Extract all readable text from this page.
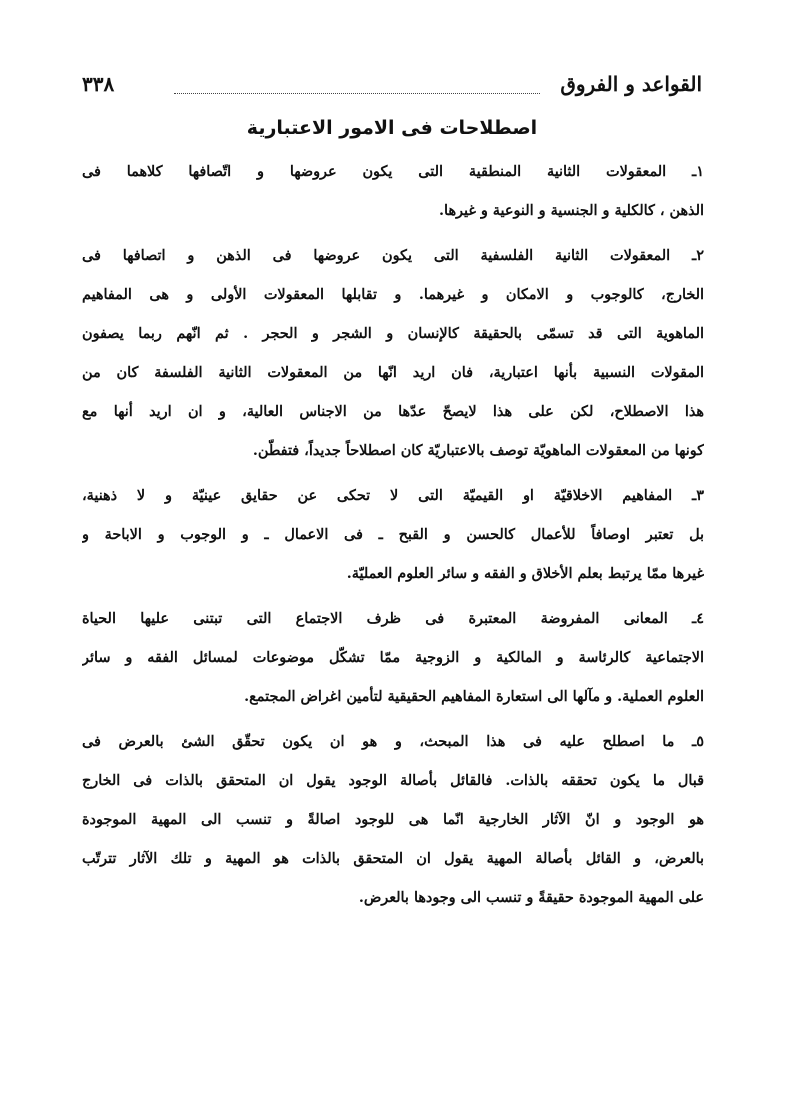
القواعد و الفروق
٣٣٨
اصطلاحات فى الامور الاعتبارية
١ـ المعقولات الثانية المنطقية التى يكون عروضها و اتّصافها كلاهما فى
الذهن ، كالكلية و الجنسية و النوعية و غيرها.
٢ـ المعقولات الثانية الفلسفية التى يكون عروضها فى الذهن و اتصافها فى
الخارج، كالوجوب و الامكان و غيرهما. و تقابلها المعقولات الأولى و هى المفاهيم
الماهوية التى قد تسمّى بالحقيقة كالإنسان و الشجر و الحجر . ثم انّهم ربما يصفون
المقولات النسبية بأنها اعتبارية، فان اريد انّها من المعقولات الثانية الفلسفة كان من
هذا الاصطلاح، لكن على هذا لايصحّ عدّها من الاجناس العالية، و ان اريد أنها مع
كونها من المعقولات الماهويّة توصف بالاعتباريّة كان اصطلاحاً جديداً، فتفطّن.
٣ـ المفاهيم الاخلاقيّة او القيميّة التى لا تحكى عن حقايق عينيّة و لا ذهنية،
بل تعتبر اوصافاً للأعمال كالحسن و القبح ـ فى الاعمال ـ و الوجوب و الاباحة و
غيرها ممّا يرتبط بعلم الأخلاق و الفقه و سائر العلوم العمليّة.
٤ـ المعانى المفروضة المعتبرة فى ظرف الاجتماع التى تبتنى عليها الحياة
الاجتماعية كالرئاسة و المالكية و الزوجية ممّا تشكّل موضوعات لمسائل الفقه و سائر
العلوم العملية. و مآلها الى استعارة المفاهيم الحقيقية لتأمين اغراض المجتمع.
٥ـ ما اصطلح عليه فى هذا المبحث، و هو ان يكون تحقّق الشئ بالعرض فى
قبال ما يكون تحققه بالذات. فالقائل بأصالة الوجود يقول ان المتحقق بالذات فى الخارج
هو الوجود و انّ الآثار الخارجية انّما هى للوجود اصالةً و تنسب الى المهية الموجودة
بالعرض، و القائل بأصالة المهية يقول ان المتحقق بالذات هو المهية و تلك الآثار تترتّب
على المهية الموجودة حقيقةً و تنسب الى وجودها بالعرض.
